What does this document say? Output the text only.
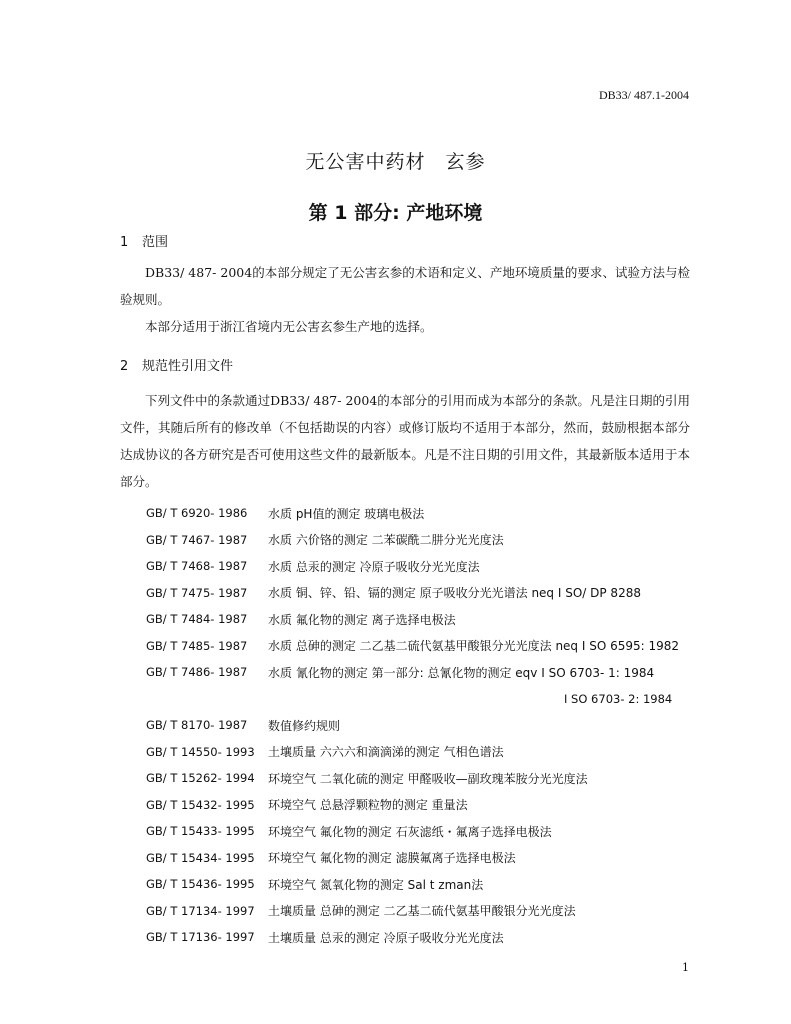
DB33/ 487.1-2004
无公害中药材　玄参
第 1 部分: 产地环境
1 范围
DB33/ 487- 2004的本部分规定了无公害玄参的术语和定义、产地环境质量的要求、试验方法与检验规则。
本部分适用于浙江省境内无公害玄参生产地的选择。
2 规范性引用文件
下列文件中的条款通过DB33/ 487- 2004的本部分的引用而成为本部分的条款。凡是注日期的引用文件，其随后所有的修改单（不包括勘误的内容）或修订版均不适用于本部分，然而，鼓励根据本部分达成协议的各方研究是否可使用这些文件的最新版本。凡是不注日期的引用文件，其最新版本适用于本部分。
GB/ T 6920- 1986	水质 pH值的测定 玻璃电极法
GB/ T 7467- 1987	水质 六价铬的测定 二苯碳酰二肼分光光度法
GB/ T 7468- 1987	水质 总汞的测定 冷原子吸收分光光度法
GB/ T 7475- 1987	水质 铜、锌、铅、镉的测定 原子吸收分光光谱法 neq I SO/ DP 8288
GB/ T 7484- 1987	水质 氟化物的测定 离子选择电极法
GB/ T 7485- 1987	水质 总砷的测定 二乙基二硫代氨基甲酸银分光光度法 neq I SO 6595: 1982
GB/ T 7486- 1987	水质 氰化物的测定 第一部分: 总氰化物的测定 eqv I SO 6703- 1: 1984
I SO 6703- 2: 1984
GB/ T 8170- 1987	数值修约规则
GB/ T 14550- 1993	土壤质量 六六六和滴滴涕的测定 气相色谱法
GB/ T 15262- 1994	环境空气 二氧化硫的测定 甲醛吸收—副玫瑰苯胺分光光度法
GB/ T 15432- 1995	环境空气 总悬浮颗粒物的测定 重量法
GB/ T 15433- 1995	环境空气 氟化物的测定 石灰滤纸・氟离子选择电极法
GB/ T 15434- 1995	环境空气 氟化物的测定 滤膜氟离子选择电极法
GB/ T 15436- 1995	环境空气 氮氧化物的测定 Sal t zman法
GB/ T 17134- 1997	土壤质量 总砷的测定 二乙基二硫代氨基甲酸银分光光度法
GB/ T 17136- 1997	土壤质量 总汞的测定 冷原子吸收分光光度法
1
